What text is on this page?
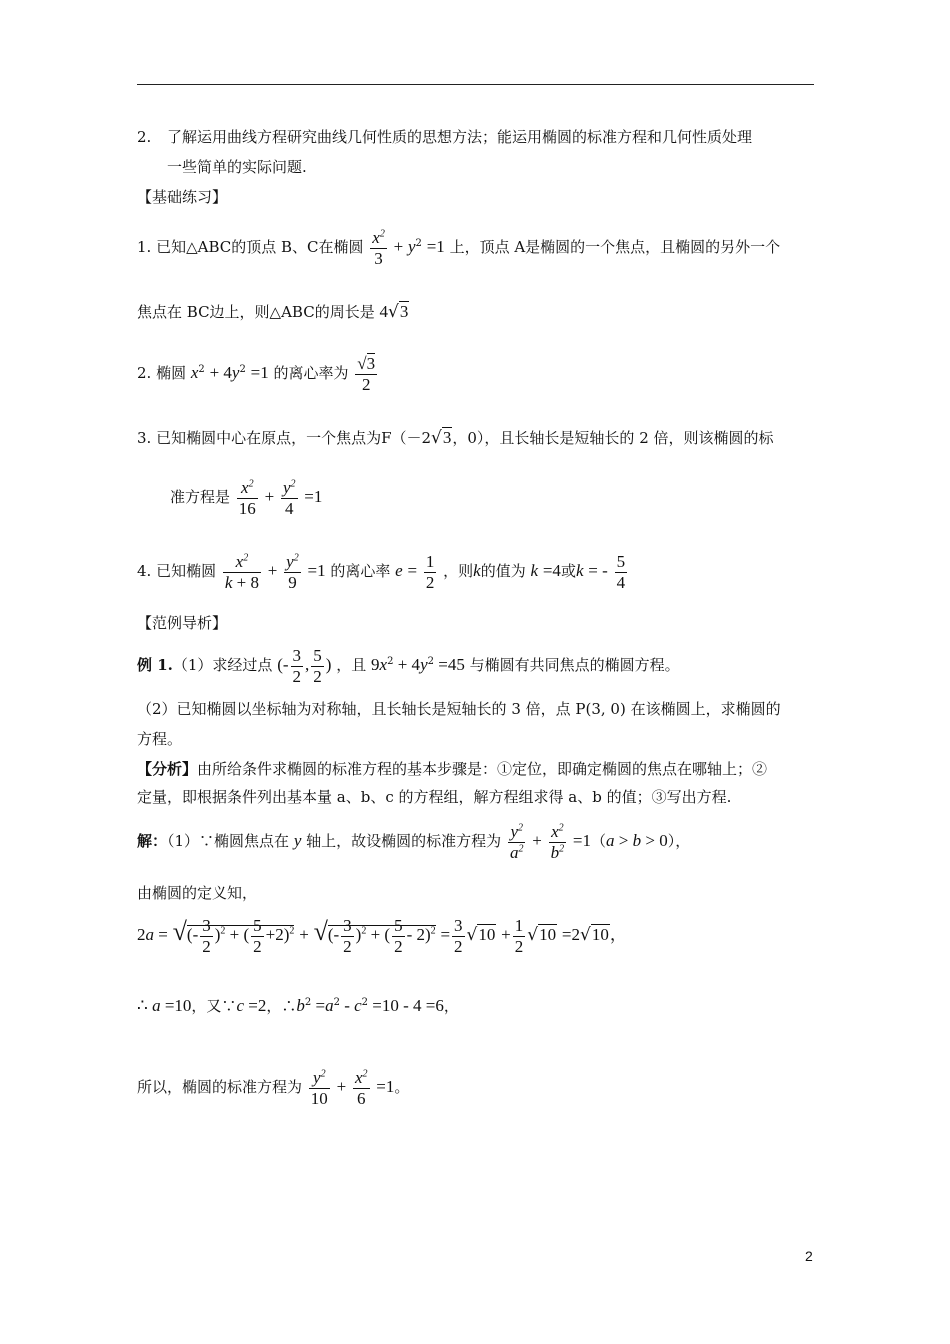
2. 了解运用曲线方程研究曲线几何性质的思想方法；能运用椭圆的标准方程和几何性质处理
一些简单的实际问题.
【基础练习】
1. 已知△ABC的顶点 B、C在椭圆 $\frac{x^2}{3} + y^2 =1$ 上，顶点 A是椭圆的一个焦点，且椭圆的另外一个
焦点在 BC边上，则△ABC的周长是 4√3
2. 椭圆 $x^2 + 4y^2 =1$ 的离心率为 $\frac{√3}{2}$
3. 已知椭圆中心在原点，一个焦点为F（－2√3，0），且长轴长是短轴长的 2 倍，则该椭圆的标
准方程是 $\frac{x^2}{16} + \frac{y^2}{4} =1$
4. 已知椭圆 $\frac{x^2}{k + 8} + \frac{y^2}{9} =1$ 的离心率 $e = \frac{1}{2}$ ，则k的值为 k =4或k = - $\frac{5}{4}$
【范例导析】
例 1.（1）求经过点 (- $\frac{3}{2}$ , $\frac{5}{2}$ ) ，且 $9x^2 + 4y^2 =45$ 与椭圆有共同焦点的椭圆方程。
（2）已知椭圆以坐标轴为对称轴，且长轴长是短轴长的 3 倍，点 P(3, 0) 在该椭圆上，求椭圆的
方程。
【分析】由所给条件求椭圆的标准方程的基本步骤是：①定位，即确定椭圆的焦点在哪轴上；②
定量，即根据条件列出基本量 a、b、c 的方程组，解方程组求得 a、b 的值；③写出方程.
解：（1）∵椭圆焦点在 y 轴上，故设椭圆的标准方程为 $\frac{y^2}{a^2} + \frac{x^2}{b^2} =1(a > b > 0)$，
由椭圆的定义知，
2a = √(- $\frac{3}{2} )^2$ + ( $\frac{5}{2} +2)^2$ + √(- $\frac{3}{2} )^2$ + ( $\frac{5}{2} - 2)^2 = \frac{3}{2} √10 + \frac{1}{2} √10 =2√10$，
∴ a =10，又∵c =2，$\therefore b^2 =a^2 - c^2 =10 - 4 =6$，
所以，椭圆的标准方程为 $\frac{y^2}{10} + \frac{x^2}{6} =1$。
2
